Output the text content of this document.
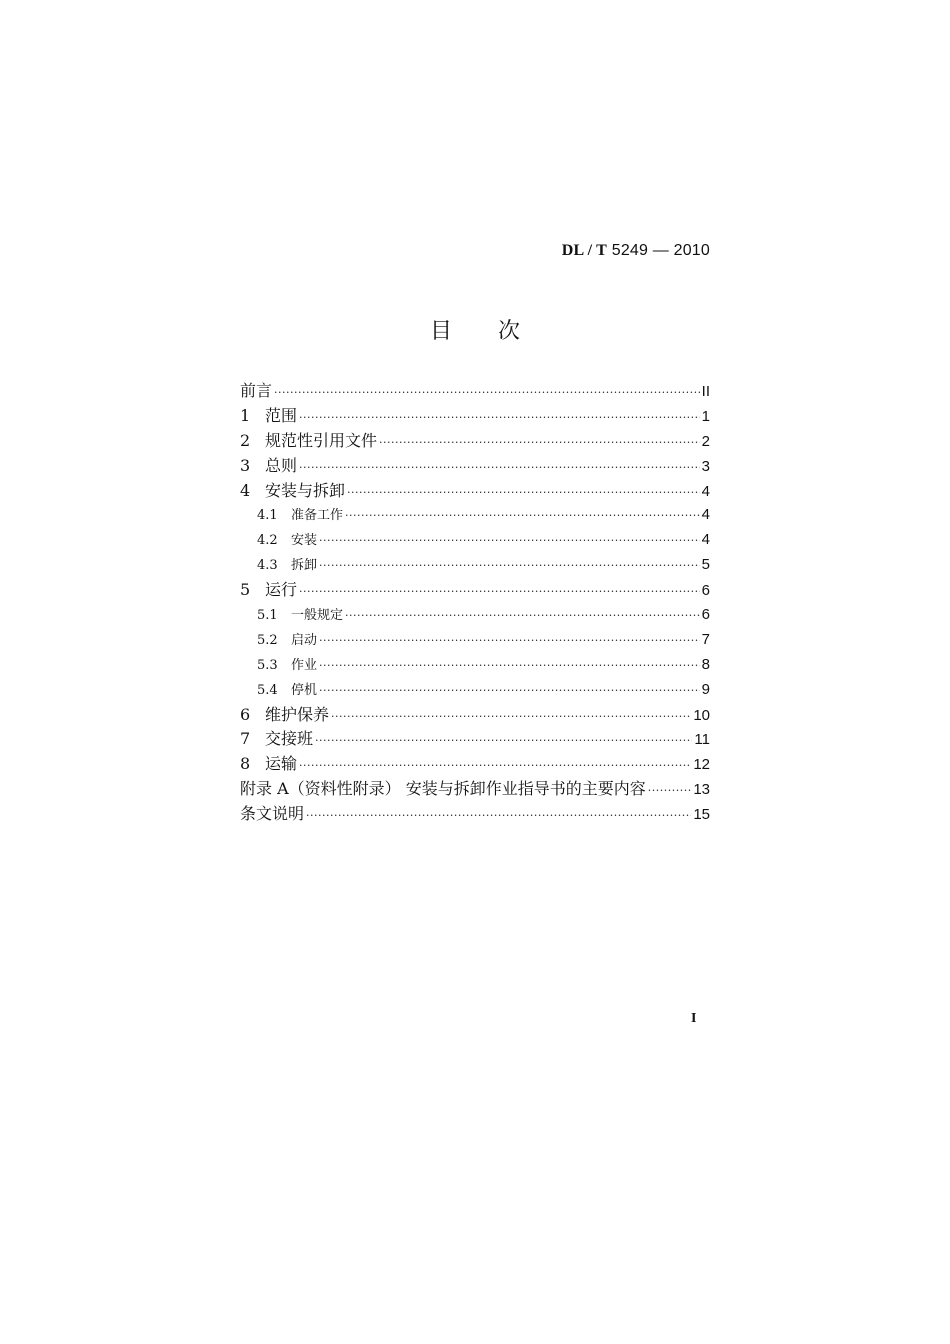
DL / T 5249 — 2010
目 次
前言 ·····	II
1 范围 ·····	1
2 规范性引用文件 ·····	2
3 总则 ·····	3
4 安装与拆卸 ·····	4
4.1	准备工作 ·····	4
4.2	安装 ·····	4
4.3	拆卸 ·····	5
5 运行 ·····	6
5.1	一般规定 ·····	6
5.2	启动 ·····	7
5.3	作业 ·····	8
5.4	停机 ·····	9
6 维护保养 ·····	10
7 交接班 ·····	11
8 运输 ·····	12
附录 A（资料性附录） 安装与拆卸作业指导书的主要内容 ·····	13
条文说明 ·····	15
I
